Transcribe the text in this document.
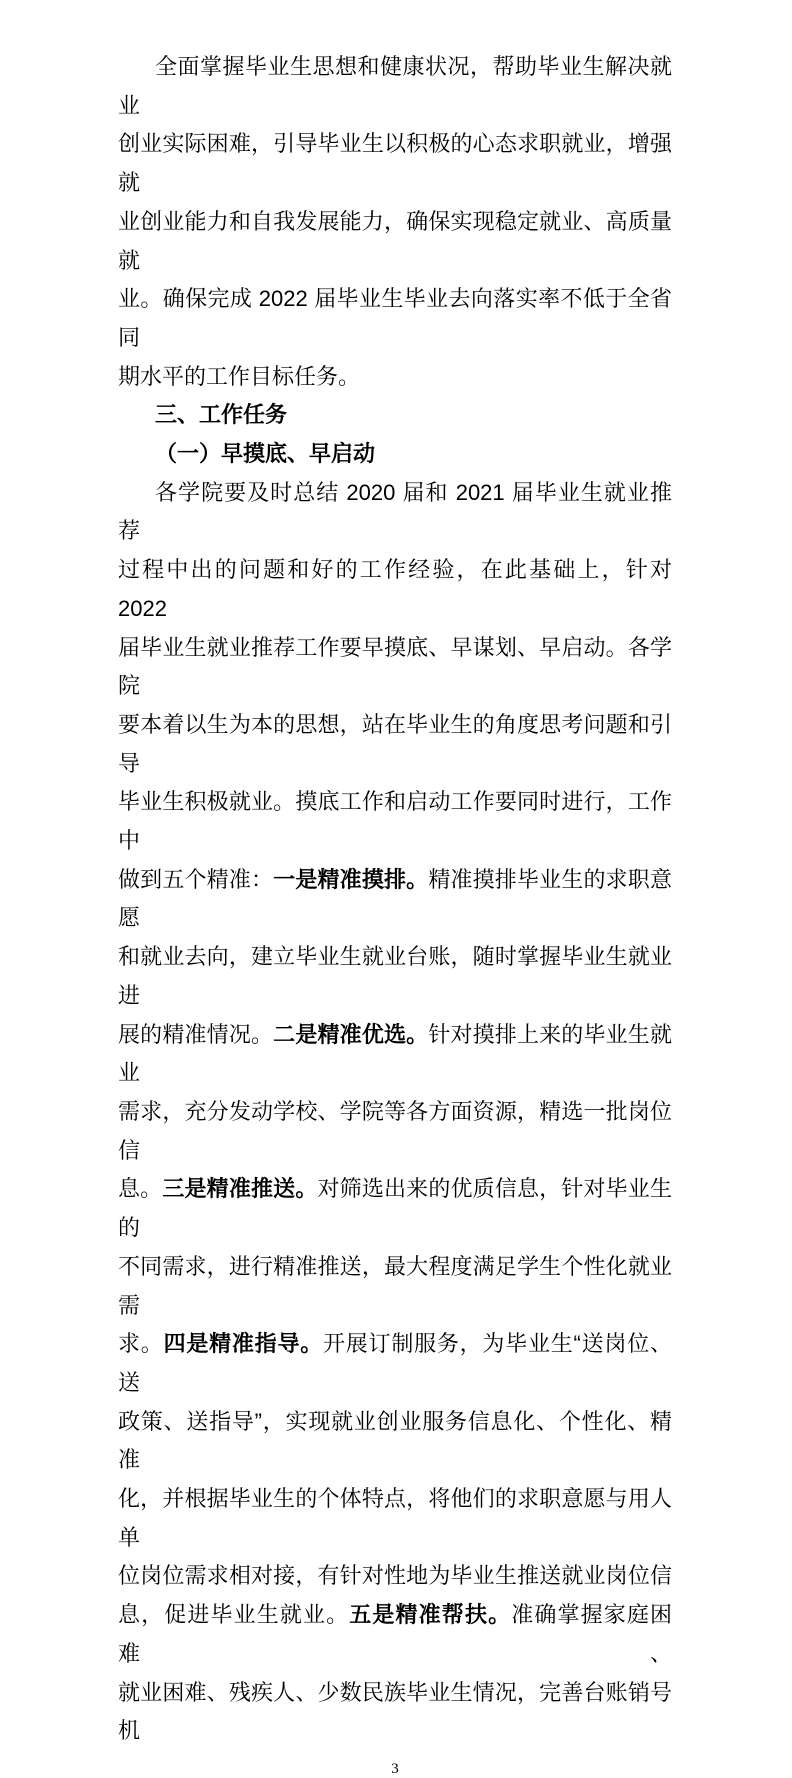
全面掌握毕业生思想和健康状况，帮助毕业生解决就业
创业实际困难，引导毕业生以积极的心态求职就业，增强就
业创业能力和自我发展能力，确保实现稳定就业、高质量就
业。确保完成 2022 届毕业生毕业去向落实率不低于全省同
期水平的工作目标任务。
三、工作任务
（一）早摸底、早启动
各学院要及时总结 2020 届和 2021 届毕业生就业推荐
过程中出的问题和好的工作经验，在此基础上，针对 2022
届毕业生就业推荐工作要早摸底、早谋划、早启动。各学院
要本着以生为本的思想，站在毕业生的角度思考问题和引导
毕业生积极就业。摸底工作和启动工作要同时进行，工作中
做到五个精准：一是精准摸排。精准摸排毕业生的求职意愿
和就业去向，建立毕业生就业台账，随时掌握毕业生就业进
展的精准情况。二是精准优选。针对摸排上来的毕业生就业
需求，充分发动学校、学院等各方面资源，精选一批岗位信
息。三是精准推送。对筛选出来的优质信息，针对毕业生的
不同需求，进行精准推送，最大程度满足学生个性化就业需
求。四是精准指导。开展订制服务，为毕业生“送岗位、送
政策、送指导”，实现就业创业服务信息化、个性化、精准
化，并根据毕业生的个体特点，将他们的求职意愿与用人单
位岗位需求相对接，有针对性地为毕业生推送就业岗位信
息，促进毕业生就业。五是精准帮扶。准确掌握家庭困难、
就业困难、残疾人、少数民族毕业生情况，完善台账销号机
3
